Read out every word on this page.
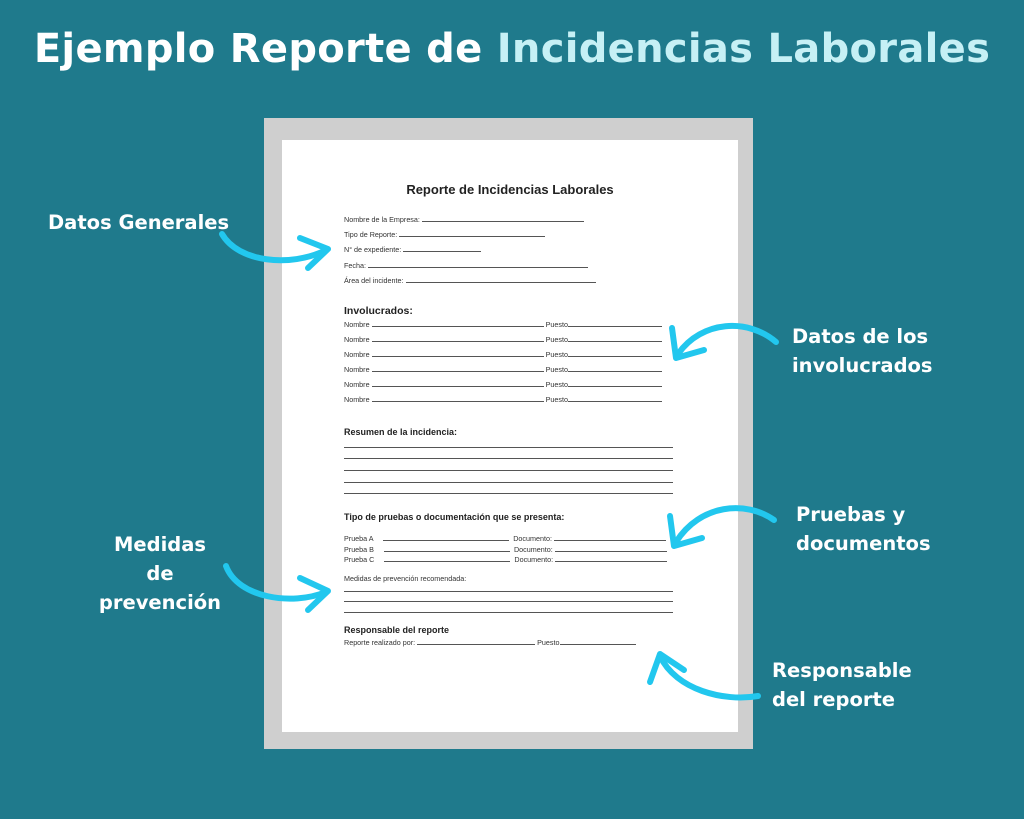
Ejemplo Reporte de Incidencias Laborales
Reporte de Incidencias Laborales
Nombre de la Empresa:
Tipo de Reporte:
N° de expediente:
Fecha:
Área del incidente:
Involucrados:
Nombre	Puesto
Nombre	Puesto
Nombre	Puesto
Nombre	Puesto
Nombre	Puesto
Nombre	Puesto
Resumen de la incidencia:
Tipo de pruebas o documentación que se presenta:
Prueba A	Documento:
Prueba B	Documento:
Prueba C	Documento:
Medidas de prevención recomendada:
Responsable del reporte
Reporte realizado por:	Puesto
Datos Generales
Datos de los
involucrados
Pruebas y
documentos
Medidas de
prevención
Responsable
del reporte
